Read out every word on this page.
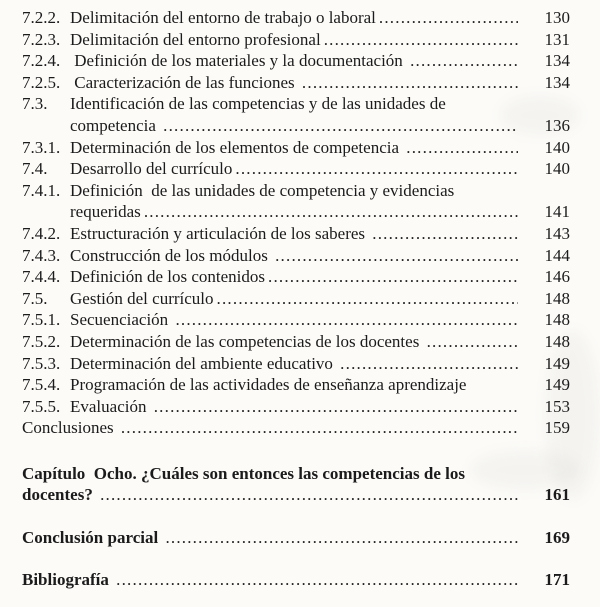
7.2.2. Delimitación del entorno de trabajo o laboral .....	130
7.2.3. Delimitación del entorno profesional .....	131
7.2.4. Definición de los materiales y la documentación .....	134
7.2.5. Caracterización de las funciones .....	134
7.3.	Identificación de las competencias y de las unidades de
competencia .....	136
7.3.1. Determinación de los elementos de competencia .....	140
7.4.	Desarrollo del currículo .....	140
7.4.1. Definición  de las unidades de competencia y evidencias
requeridas .....	141
7.4.2. Estructuración y articulación de los saberes .....	143
7.4.3. Construcción de los módulos .....	144
7.4.4. Definición de los contenidos .....	146
7.5.	Gestión del currículo .....	148
7.5.1. Secuenciación .....	148
7.5.2. Determinación de las competencias de los docentes .....	148
7.5.3. Determinación del ambiente educativo .....	149
7.5.4. Programación de las actividades de enseñanza aprendizaje	149
7.5.5. Evaluación .....	153
Conclusiones .....	159
Capítulo  Ocho. ¿Cuáles son entonces las competencias de los
docentes? .....	161
Conclusión parcial .....	169
Bibliografía .....	171
